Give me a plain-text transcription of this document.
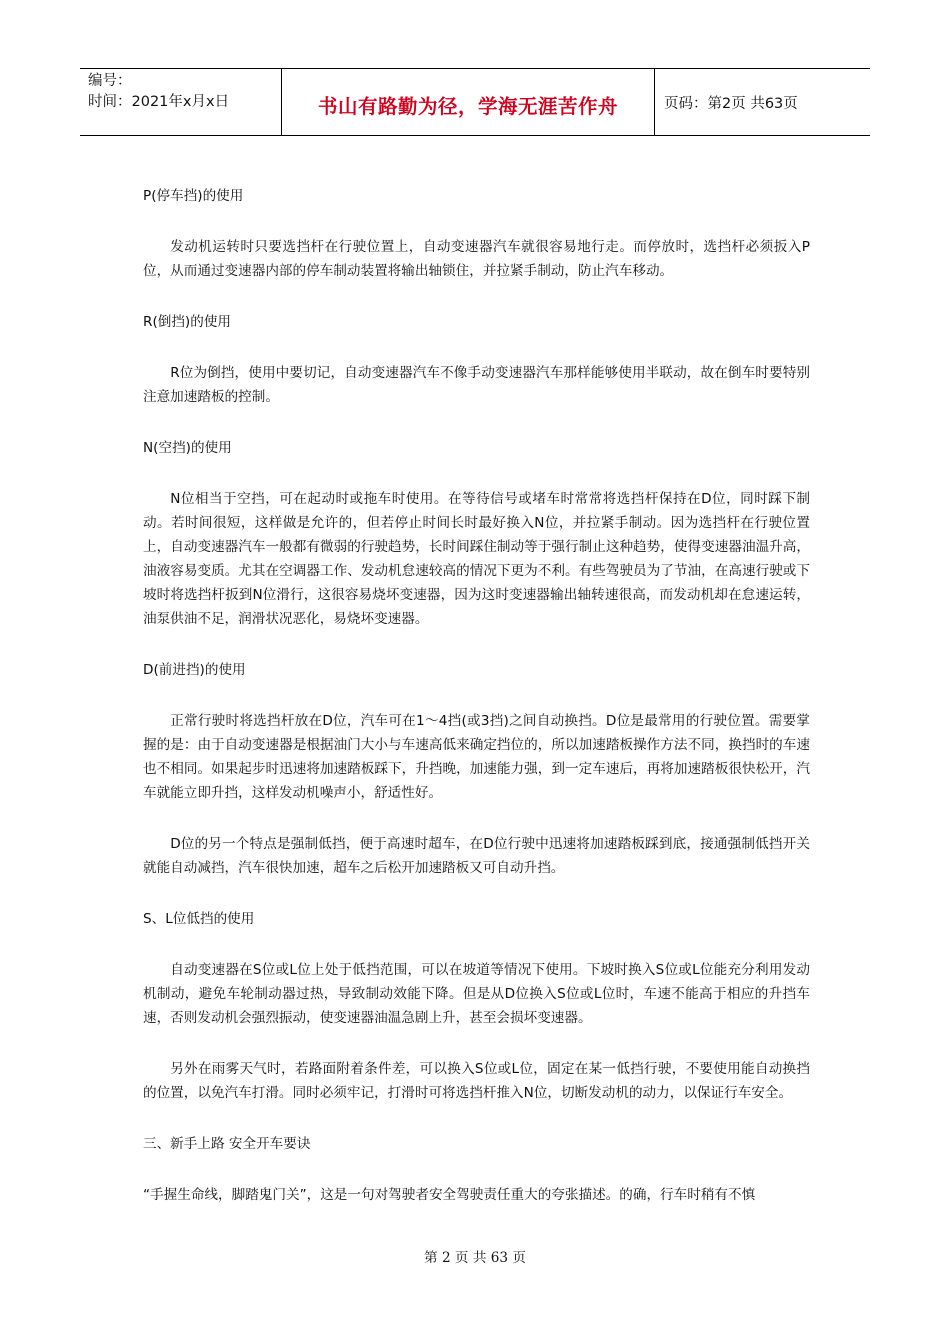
编号：
时间：2021年x月x日	书山有路勤为径，学海无涯苦作舟	页码：第2页 共63页

P(停车挡)的使用

发动机运转时只要选挡杆在行驶位置上，自动变速器汽车就很容易地行走。而停放时，选挡杆必须扳入P位，从而通过变速器内部的停车制动装置将输出轴锁住，并拉紧手制动，防止汽车移动。

R(倒挡)的使用

R位为倒挡，使用中要切记，自动变速器汽车不像手动变速器汽车那样能够使用半联动，故在倒车时要特别注意加速踏板的控制。

N(空挡)的使用

N位相当于空挡，可在起动时或拖车时使用。在等待信号或堵车时常常将选挡杆保持在D位，同时踩下制动。若时间很短，这样做是允许的，但若停止时间长时最好换入N位，并拉紧手制动。因为选挡杆在行驶位置上，自动变速器汽车一般都有微弱的行驶趋势，长时间踩住制动等于强行制止这种趋势，使得变速器油温升高，油液容易变质。尤其在空调器工作、发动机怠速较高的情况下更为不利。有些驾驶员为了节油，在高速行驶或下坡时将选挡杆扳到N位滑行，这很容易烧坏变速器，因为这时变速器输出轴转速很高，而发动机却在怠速运转，油泵供油不足，润滑状况恶化，易烧坏变速器。

D(前进挡)的使用

正常行驶时将选挡杆放在D位，汽车可在1～4挡(或3挡)之间自动换挡。D位是最常用的行驶位置。需要掌握的是：由于自动变速器是根据油门大小与车速高低来确定挡位的，所以加速踏板操作方法不同，换挡时的车速也不相同。如果起步时迅速将加速踏板踩下，升挡晚，加速能力强，到一定车速后，再将加速踏板很快松开，汽车就能立即升挡，这样发动机噪声小，舒适性好。

D位的另一个特点是强制低挡，便于高速时超车，在D位行驶中迅速将加速踏板踩到底，接通强制低挡开关就能自动减挡，汽车很快加速，超车之后松开加速踏板又可自动升挡。

S、L位低挡的使用

自动变速器在S位或L位上处于低挡范围，可以在坡道等情况下使用。下坡时换入S位或L位能充分利用发动机制动，避免车轮制动器过热，导致制动效能下降。但是从D位换入S位或L位时，车速不能高于相应的升挡车速，否则发动机会强烈振动，使变速器油温急剧上升，甚至会损坏变速器。

另外在雨雾天气时，若路面附着条件差，可以换入S位或L位，固定在某一低挡行驶，不要使用能自动换挡的位置，以免汽车打滑。同时必须牢记，打滑时可将选挡杆推入N位，切断发动机的动力，以保证行车安全。

三、新手上路 安全开车要诀

“手握生命线，脚踏鬼门关”，这是一句对驾驶者安全驾驶责任重大的夸张描述。的确，行车时稍有不慎

第 2 页 共 63 页
